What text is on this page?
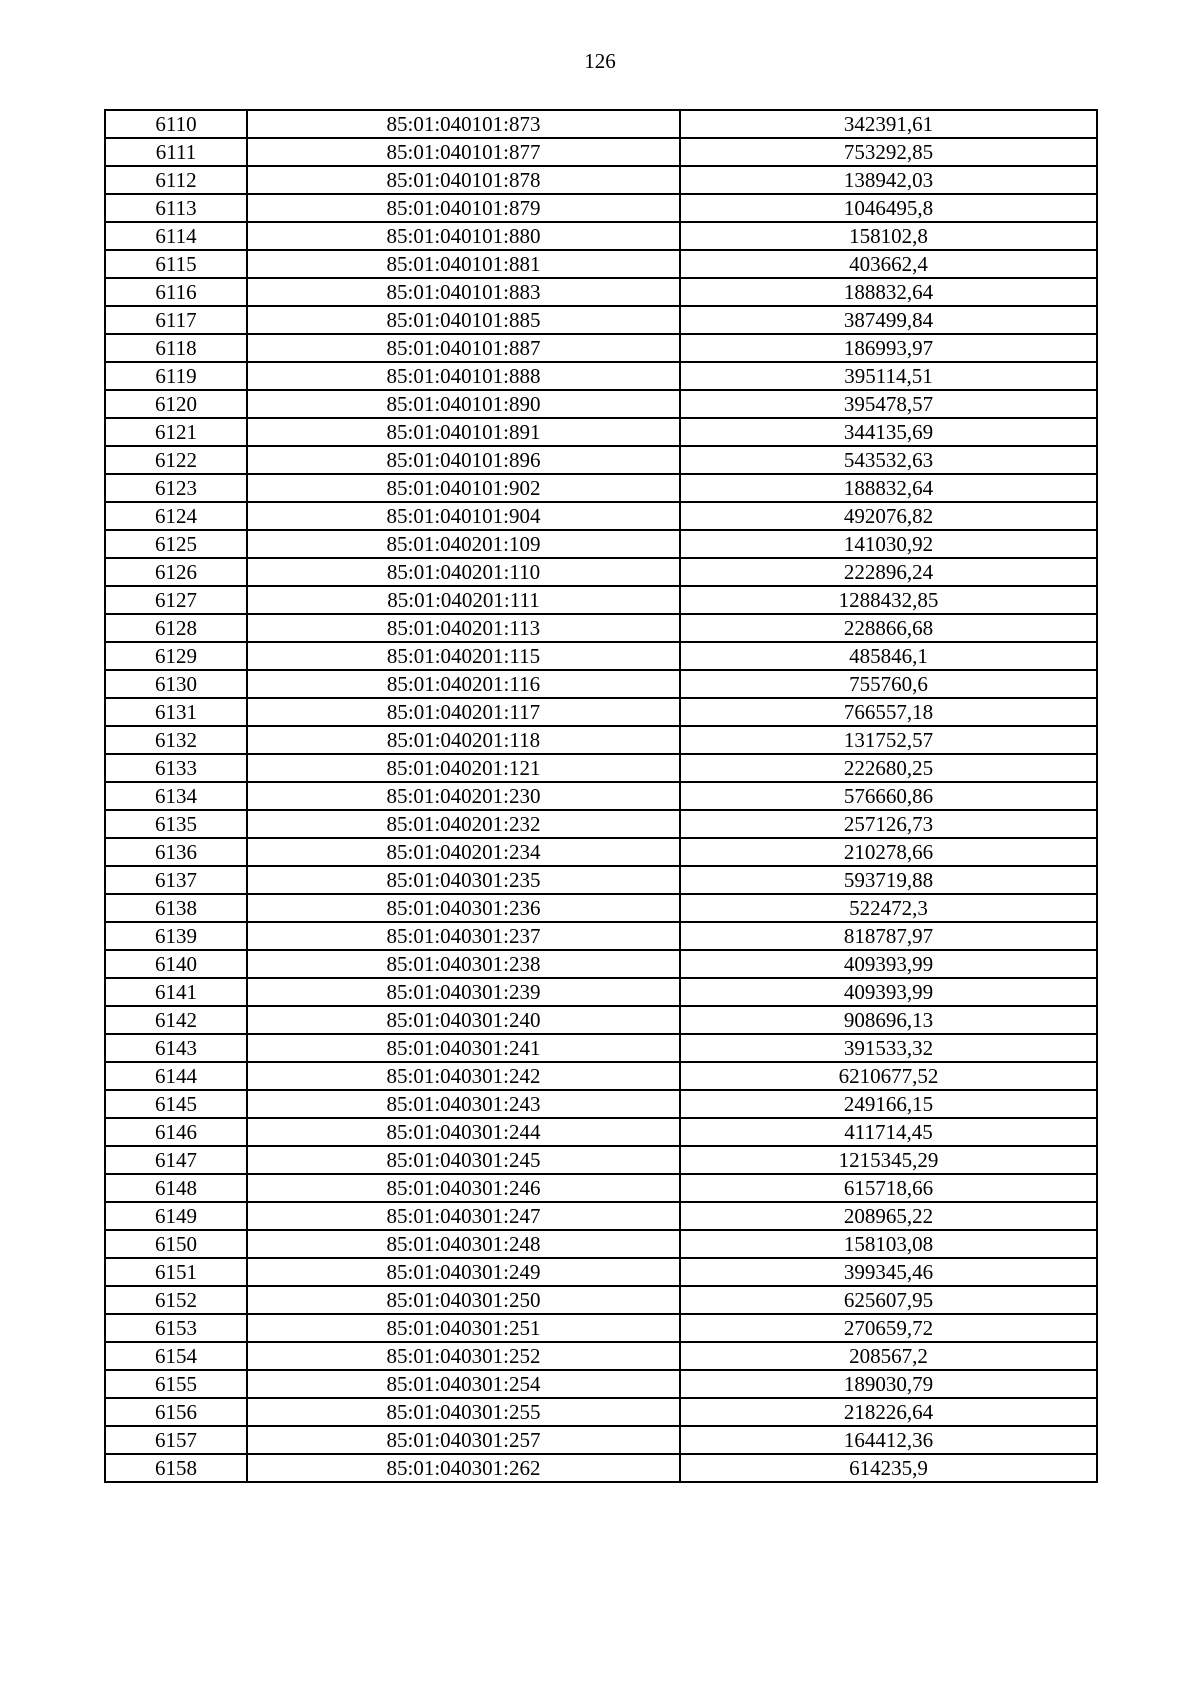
126
6110	85:01:040101:873	342391,61
6111	85:01:040101:877	753292,85
6112	85:01:040101:878	138942,03
6113	85:01:040101:879	1046495,8
6114	85:01:040101:880	158102,8
6115	85:01:040101:881	403662,4
6116	85:01:040101:883	188832,64
6117	85:01:040101:885	387499,84
6118	85:01:040101:887	186993,97
6119	85:01:040101:888	395114,51
6120	85:01:040101:890	395478,57
6121	85:01:040101:891	344135,69
6122	85:01:040101:896	543532,63
6123	85:01:040101:902	188832,64
6124	85:01:040101:904	492076,82
6125	85:01:040201:109	141030,92
6126	85:01:040201:110	222896,24
6127	85:01:040201:111	1288432,85
6128	85:01:040201:113	228866,68
6129	85:01:040201:115	485846,1
6130	85:01:040201:116	755760,6
6131	85:01:040201:117	766557,18
6132	85:01:040201:118	131752,57
6133	85:01:040201:121	222680,25
6134	85:01:040201:230	576660,86
6135	85:01:040201:232	257126,73
6136	85:01:040201:234	210278,66
6137	85:01:040301:235	593719,88
6138	85:01:040301:236	522472,3
6139	85:01:040301:237	818787,97
6140	85:01:040301:238	409393,99
6141	85:01:040301:239	409393,99
6142	85:01:040301:240	908696,13
6143	85:01:040301:241	391533,32
6144	85:01:040301:242	6210677,52
6145	85:01:040301:243	249166,15
6146	85:01:040301:244	411714,45
6147	85:01:040301:245	1215345,29
6148	85:01:040301:246	615718,66
6149	85:01:040301:247	208965,22
6150	85:01:040301:248	158103,08
6151	85:01:040301:249	399345,46
6152	85:01:040301:250	625607,95
6153	85:01:040301:251	270659,72
6154	85:01:040301:252	208567,2
6155	85:01:040301:254	189030,79
6156	85:01:040301:255	218226,64
6157	85:01:040301:257	164412,36
6158	85:01:040301:262	614235,9
